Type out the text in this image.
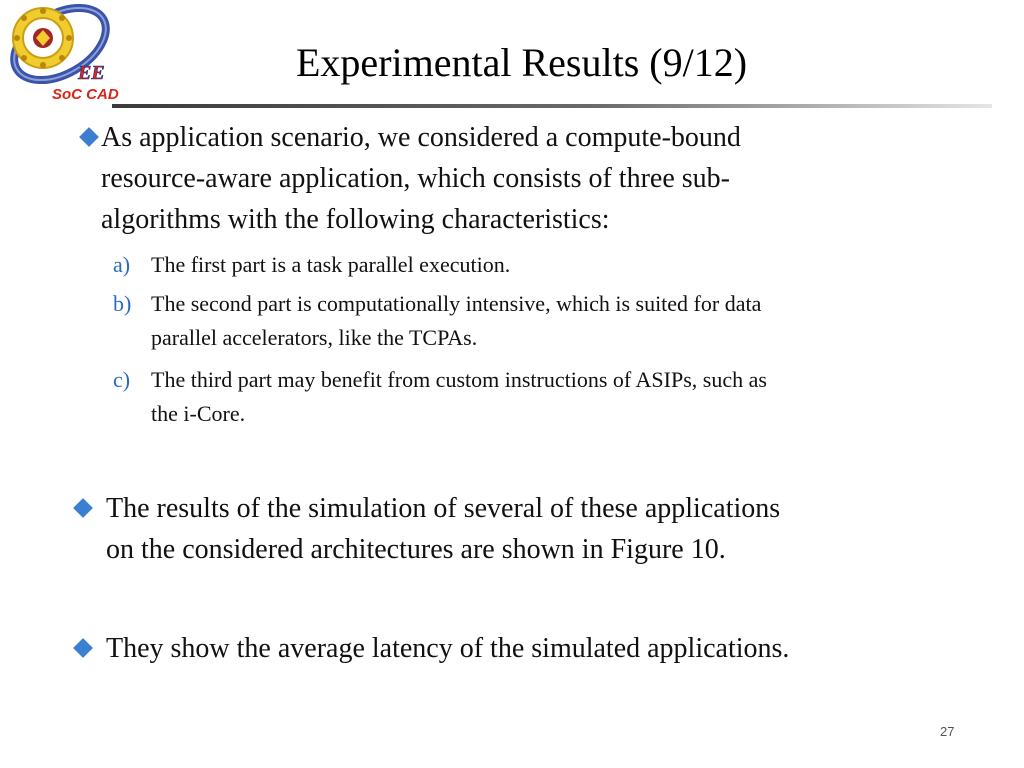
EE
SoC CAD
Experimental Results (9/12)
As application scenario, we considered a compute-bound
resource-aware application, which consists of three sub-
algorithms with the following characteristics:
a) The first part is a task parallel execution.
b) The second part is computationally intensive, which is suited for data
parallel accelerators, like the TCPAs.
c) The third part may benefit from custom instructions of ASIPs, such as
the i-Core.
The results of the simulation of several of these applications
on the considered architectures are shown in Figure 10.
They show the average latency of the simulated applications.
27
